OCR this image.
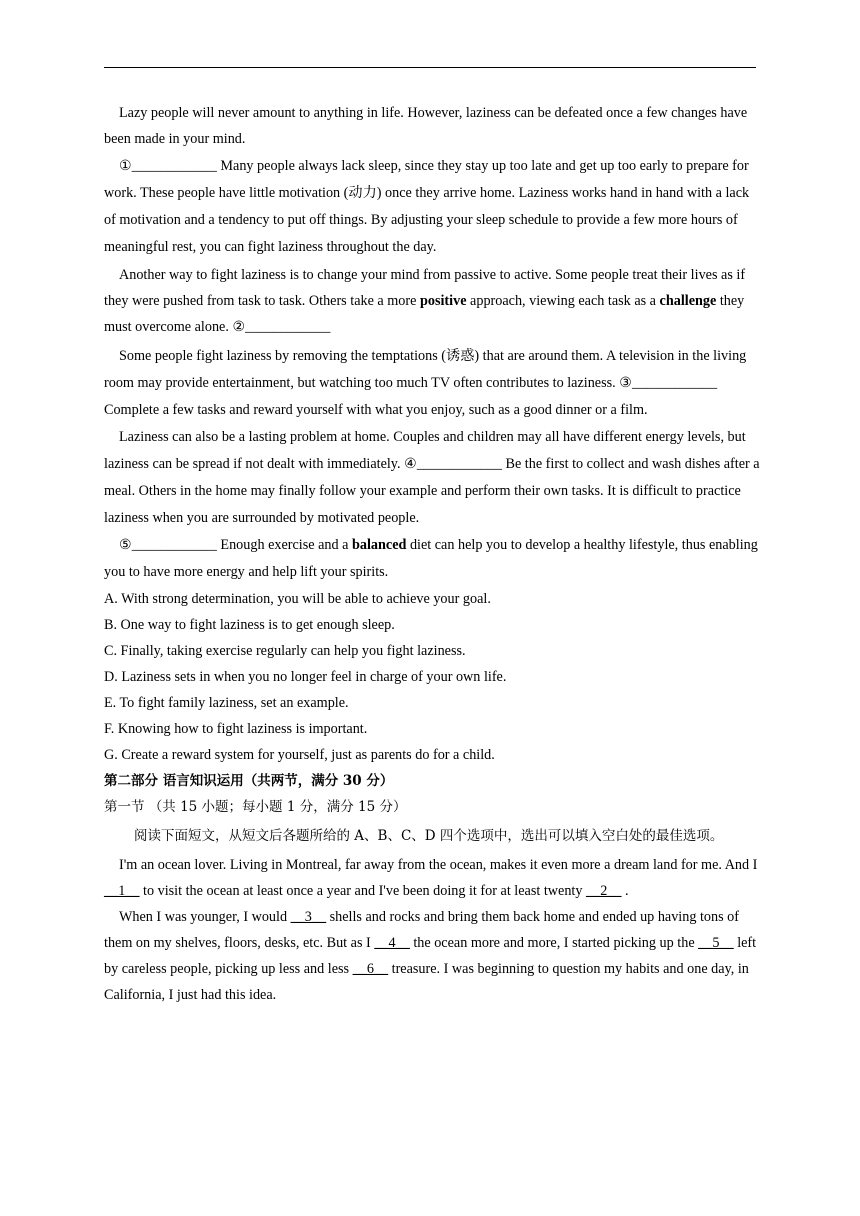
Lazy people will never amount to anything in life. However, laziness can be defeated once a few changes have been made in your mind.

①____________ Many people always lack sleep, since they stay up too late and get up too early to prepare for work. These people have little motivation (动力) once they arrive home. Laziness works hand in hand with a lack of motivation and a tendency to put off things. By adjusting your sleep schedule to provide a few more hours of meaningful rest, you can fight laziness throughout the day.

Another way to fight laziness is to change your mind from passive to active. Some people treat their lives as if they were pushed from task to task. Others take a more positive approach, viewing each task as a challenge they must overcome alone. ②____________

Some people fight laziness by removing the temptations (诱惑) that are around them. A television in the living room may provide entertainment, but watching too much TV often contributes to laziness. ③____________ Complete a few tasks and reward yourself with what you enjoy, such as a good dinner or a film.

Laziness can also be a lasting problem at home. Couples and children may all have different energy levels, but laziness can be spread if not dealt with immediately. ④____________ Be the first to collect and wash dishes after a meal. Others in the home may finally follow your example and perform their own tasks. It is difficult to practice laziness when you are surrounded by motivated people.

⑤____________ Enough exercise and a balanced diet can help you to develop a healthy lifestyle, thus enabling you to have more energy and help lift your spirits.

A. With strong determination, you will be able to achieve your goal.

B. One way to fight laziness is to get enough sleep.

C. Finally, taking exercise regularly can help you fight laziness.

D. Laziness sets in when you no longer feel in charge of your own life.

E. To fight family laziness, set an example.

F. Knowing how to fight laziness is important.

G. Create a reward system for yourself, just as parents do for a child.

第二部分 语言知识运用（共两节，满分 30 分）

第一节 （共 15 小题；每小题 1 分，满分 15 分）

阅读下面短文，从短文后各题所给的 A、B、C、D 四个选项中，选出可以填入空白处的最佳选项。

I'm an ocean lover. Living in Montreal, far away from the ocean, makes it even more a dream land for me. And I __1__ to visit the ocean at least once a year and I've been doing it for at least twenty __2__ .

When I was younger, I would __3__ shells and rocks and bring them back home and ended up having tons of them on my shelves, floors, desks, etc. But as I __4__ the ocean more and more, I started picking up the __5__ left by careless people, picking up less and less __6__ treasure. I was beginning to question my habits and one day, in California, I just had this idea.
